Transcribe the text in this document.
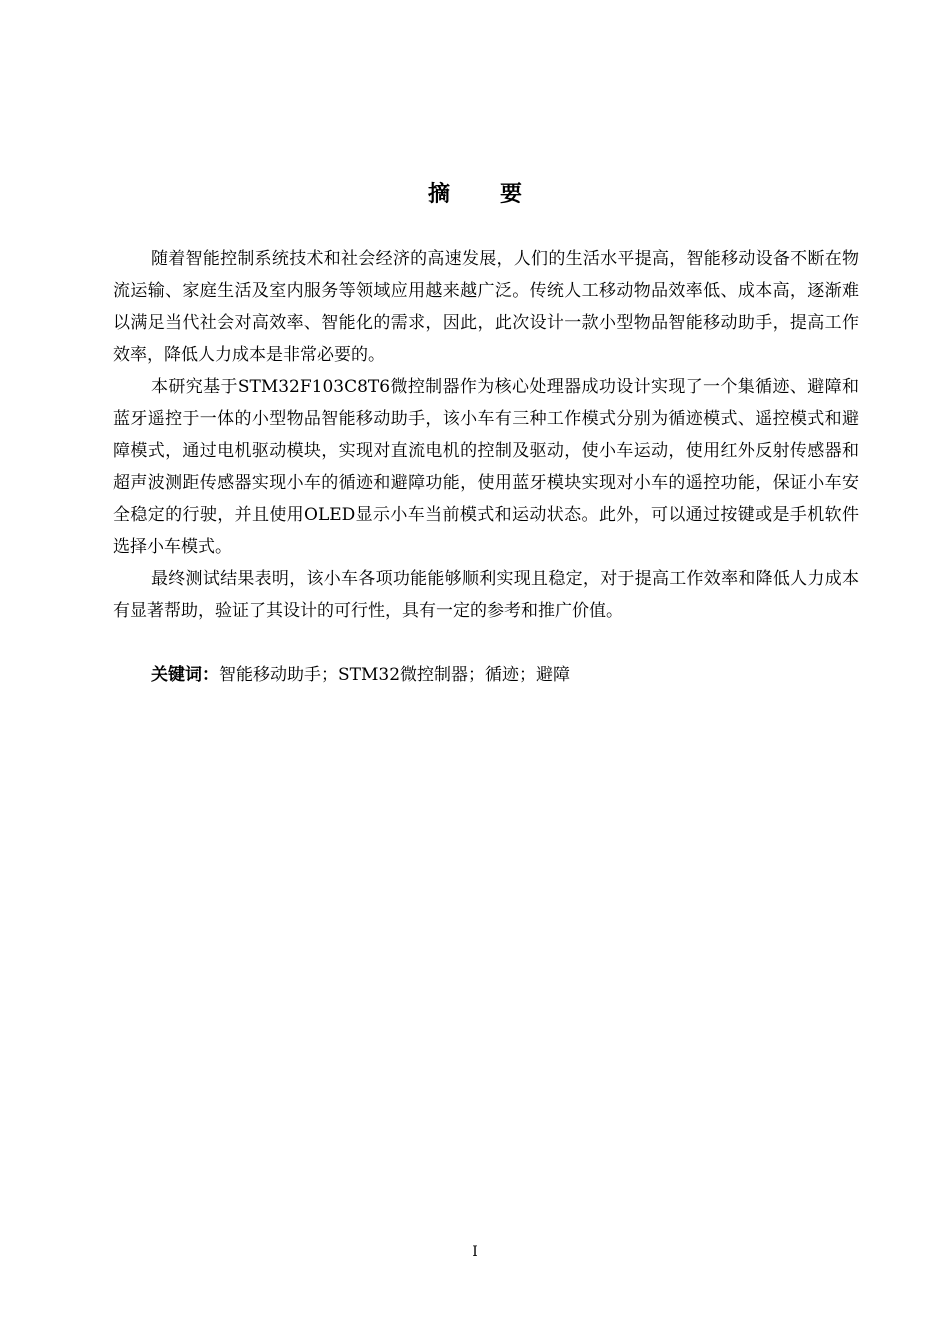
摘要

随着智能控制系统技术和社会经济的高速发展，人们的生活水平提高，智能移动设备不断在物流运输、家庭生活及室内服务等领域应用越来越广泛。传统人工移动物品效率低、成本高，逐渐难以满足当代社会对高效率、智能化的需求，因此，此次设计一款小型物品智能移动助手，提高工作效率，降低人力成本是非常必要的。

本研究基于STM32F103C8T6微控制器作为核心处理器成功设计实现了一个集循迹、避障和蓝牙遥控于一体的小型物品智能移动助手，该小车有三种工作模式分别为循迹模式、遥控模式和避障模式，通过电机驱动模块，实现对直流电机的控制及驱动，使小车运动，使用红外反射传感器和超声波测距传感器实现小车的循迹和避障功能，使用蓝牙模块实现对小车的遥控功能，保证小车安全稳定的行驶，并且使用OLED显示小车当前模式和运动状态。此外，可以通过按键或是手机软件选择小车模式。

最终测试结果表明，该小车各项功能能够顺利实现且稳定，对于提高工作效率和降低人力成本有显著帮助，验证了其设计的可行性，具有一定的参考和推广价值。

关键词：智能移动助手；STM32微控制器；循迹；避障
I
